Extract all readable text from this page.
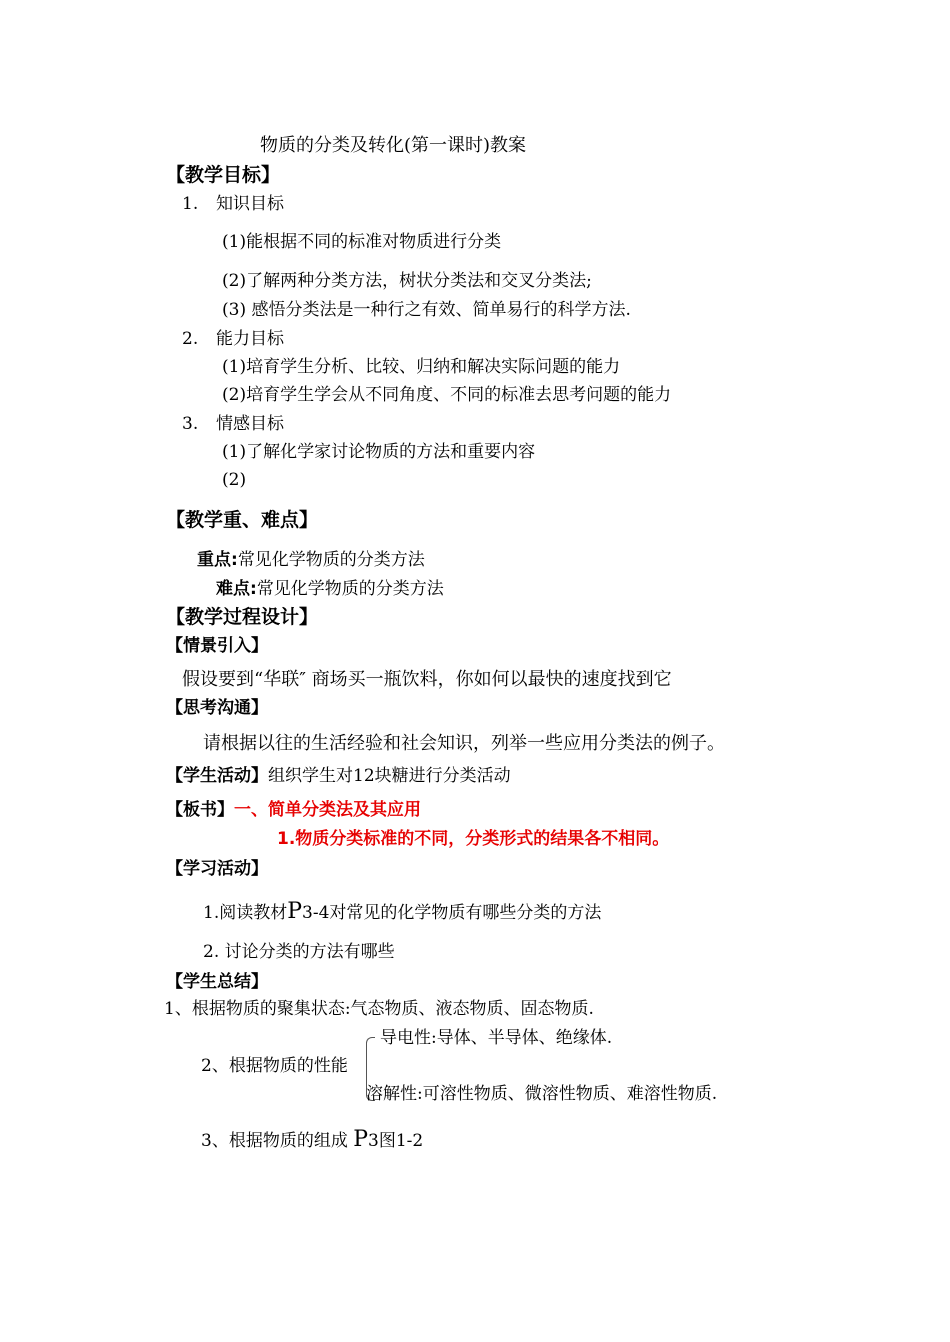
物质的分类及转化(第一课时)教案
【教学目标】
1. 知识目标
(1)能根据不同的标准对物质进行分类
(2)了解两种分类方法，树状分类法和交叉分类法;
(3) 感悟分类法是一种行之有效、简单易行的科学方法.
2. 能力目标
(1)培育学生分析、比较、归纳和解决实际问题的能力
(2)培育学生学会从不同角度、不同的标准去思考问题的能力
3. 情感目标
(1)了解化学家讨论物质的方法和重要内容
(2)
【教学重、难点】
重点:常见化学物质的分类方法
难点:常见化学物质的分类方法
【教学过程设计】
【情景引入】
假设要到“华联″ 商场买一瓶饮料，你如何以最快的速度找到它
【思考沟通】
请根据以往的生活经验和社会知识，列举一些应用分类法的例子。
【学生活动】组织学生对12块糖进行分类活动
【板书】一、简单分类法及其应用
1.物质分类标准的不同，分类形式的结果各不相同。
【学习活动】
1.阅读教材P3-4对常见的化学物质有哪些分类的方法
2. 讨论分类的方法有哪些
【学生总结】
1、根据物质的聚集状态:气态物质、液态物质、固态物质.
导电性:导体、半导体、绝缘体.
2、根据物质的性能
溶解性:可溶性物质、微溶性物质、难溶性物质.
3、根据物质的组成 P3图1-2
